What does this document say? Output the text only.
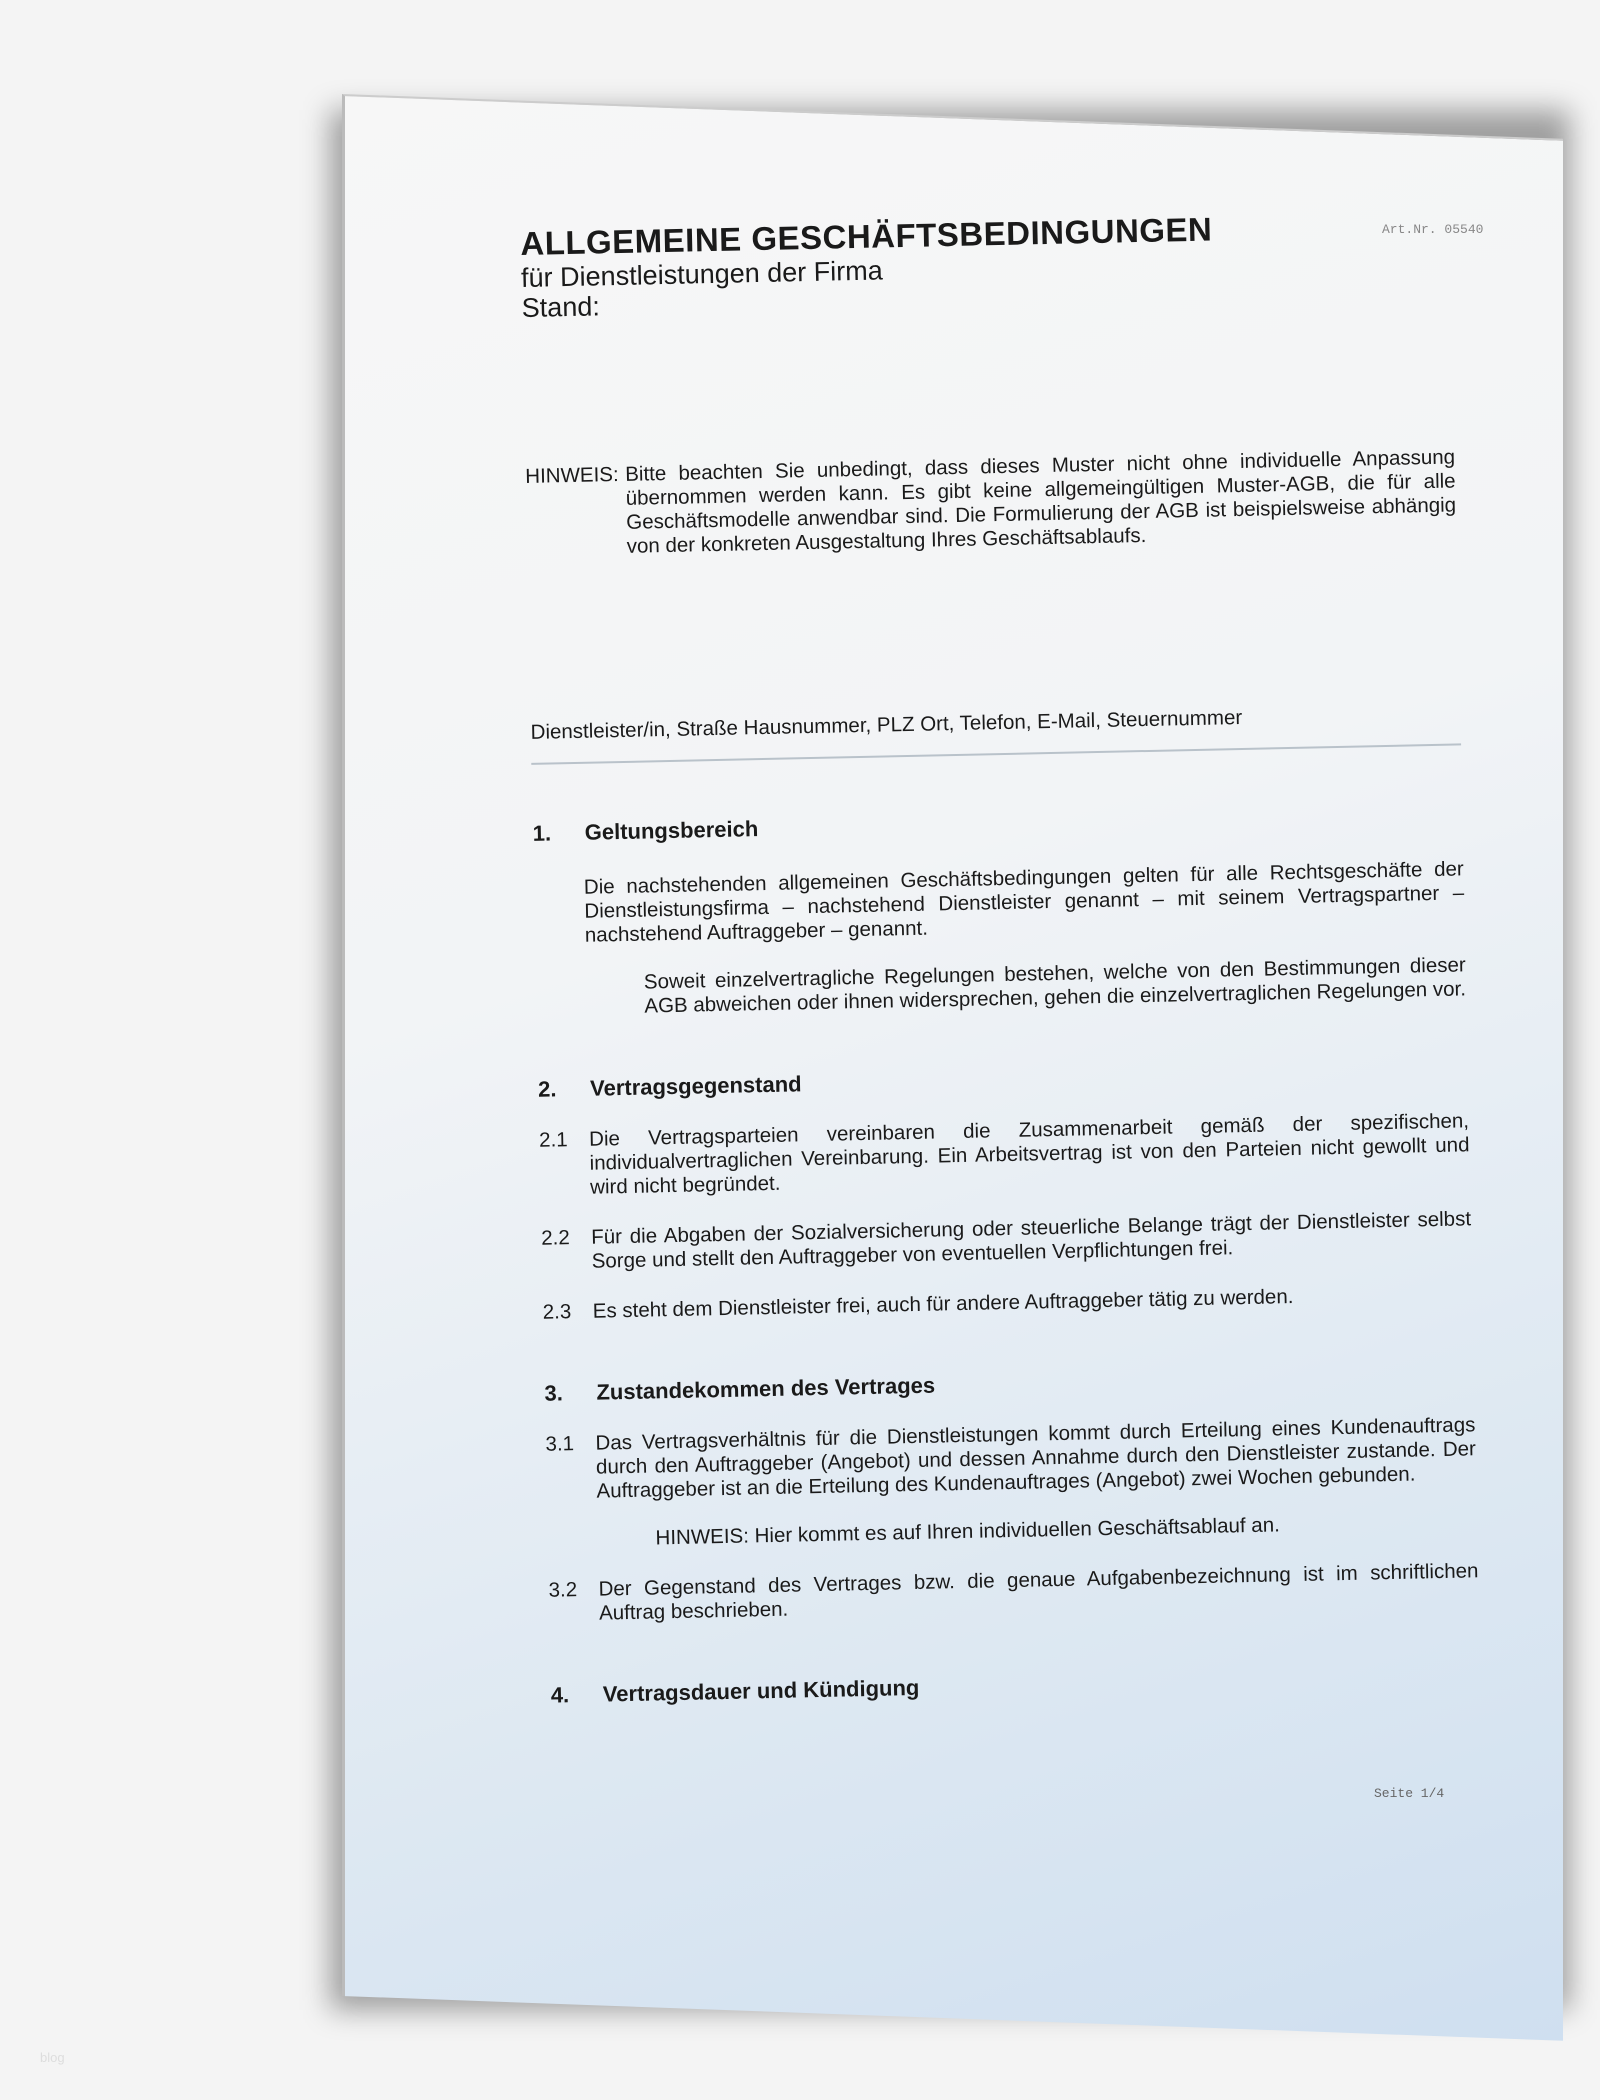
Art.Nr. 05540
ALLGEMEINE GESCHÄFTSBEDINGUNGEN
für Dienstleistungen der Firma
Stand:
HINWEIS: Bitte beachten Sie unbedingt, dass dieses Muster nicht ohne individuelle Anpassung übernommen werden kann. Es gibt keine allgemeingültigen Muster-AGB, die für alle Geschäftsmodelle anwendbar sind. Die Formulierung der AGB ist beispielsweise abhängig von der konkreten Ausgestaltung Ihres Geschäftsablaufs.
Dienstleister/in, Straße Hausnummer, PLZ Ort, Telefon, E-Mail, Steuernummer
1.	Geltungsbereich
Die nachstehenden allgemeinen Geschäftsbedingungen gelten für alle Rechtsgeschäfte der Dienstleistungsfirma – nachstehend Dienstleister genannt – mit seinem Vertragspartner – nachstehend Auftraggeber – genannt.
Soweit einzelvertragliche Regelungen bestehen, welche von den Bestimmungen dieser AGB abweichen oder ihnen widersprechen, gehen die einzelvertraglichen Regelungen vor.
2.	Vertragsgegenstand
2.1	Die Vertragsparteien vereinbaren die Zusammenarbeit gemäß der spezifischen, individualvertraglichen Vereinbarung. Ein Arbeitsvertrag ist von den Parteien nicht gewollt und wird nicht begründet.
2.2	Für die Abgaben der Sozialversicherung oder steuerliche Belange trägt der Dienstleister selbst Sorge und stellt den Auftraggeber von eventuellen Verpflichtungen frei.
2.3	Es steht dem Dienstleister frei, auch für andere Auftraggeber tätig zu werden.
3.	Zustandekommen des Vertrages
3.1	Das Vertragsverhältnis für die Dienstleistungen kommt durch Erteilung eines Kundenauftrags durch den Auftraggeber (Angebot) und dessen Annahme durch den Dienstleister zustande. Der Auftraggeber ist an die Erteilung des Kundenauftrages (Angebot) zwei Wochen gebunden.
HINWEIS: Hier kommt es auf Ihren individuellen Geschäftsablauf an.
3.2	Der Gegenstand des Vertrages bzw. die genaue Aufgabenbezeichnung ist im schriftlichen Auftrag beschrieben.
4.	Vertragsdauer und Kündigung
Seite 1/4
blog
